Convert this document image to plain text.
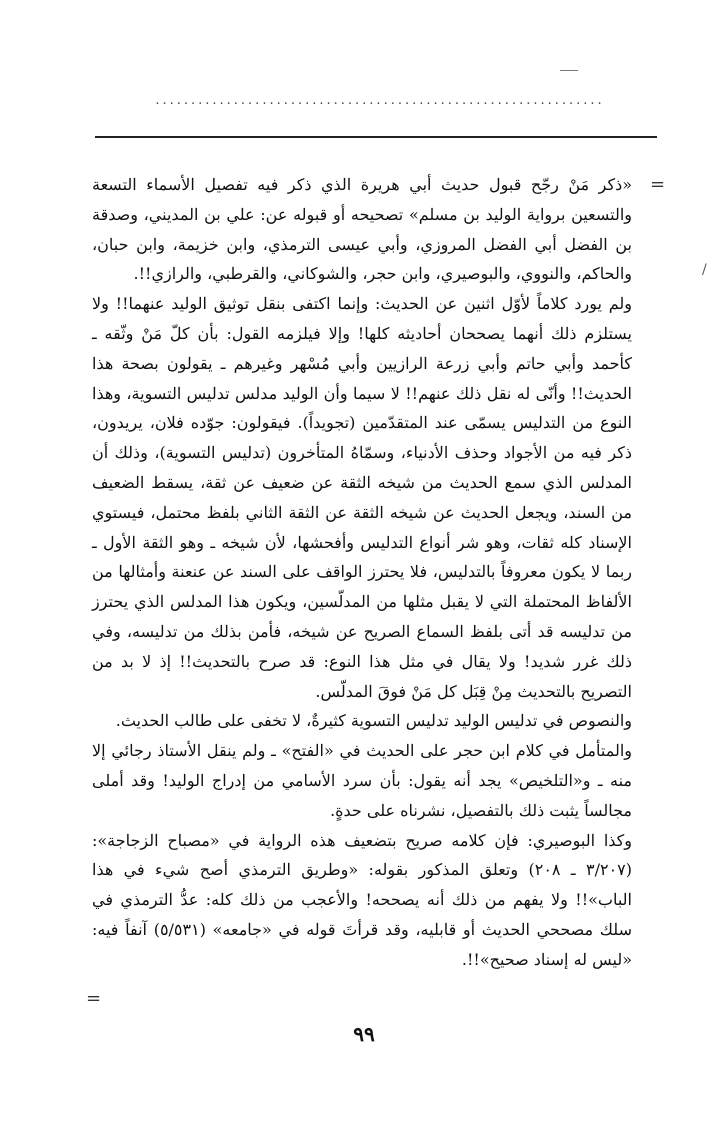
...............................................................
=
/

«ذكر مَنْ رجّح قبول حديث أبي هريرة الذي ذكر فيه تفصيل الأسماء التسعة والتسعين برواية الوليد بن مسلم» تصحيحه أو قبوله عن: علي بن المديني، وصدقة بن الفضل أبي الفضل المروزي، وأبي عيسى الترمذي، وابن خزيمة، وابن حبان، والحاكم، والنووي، والبوصيري، وابن حجر، والشوكاني، والقرطبي، والرازي!!.

ولم يورد كلاماً لأوّل اثنين عن الحديث: وإنما اكتفى بنقل توثيق الوليد عنهما!! ولا يستلزم ذلك أنهما يصححان أحاديثه كلها! وإلا فيلزمه القول: بأن كلّ مَنْ وثّقه ـ كأحمد وأبي حاتم وأبي زرعة الرازيين وأبي مُسْهر وغيرهم ـ يقولون بصحة هذا الحديث!! وأنّى له نقل ذلك عنهم!! لا سيما وأن الوليد مدلس تدليس التسوية، وهذا النوع من التدليس يسمّى عند المتقدّمين (تجويداً). فيقولون: جوّده فلان، يريدون، ذكر فيه من الأجواد وحذف الأدنياء، وسمّاهُ المتأخرون (تدليس التسوية)، وذلك أن المدلس الذي سمع الحديث من شيخه الثقة عن ضعيف عن ثقة، يسقط الضعيف من السند، ويجعل الحديث عن شيخه الثقة عن الثقة الثاني بلفظ محتمل، فيستوي الإسناد كله ثقات، وهو شر أنواع التدليس وأفحشها، لأن شيخه ـ وهو الثقة الأول ـ ربما لا يكون معروفاً بالتدليس، فلا يحترز الواقف على السند عن عنعنة وأمثالها من الألفاظ المحتملة التي لا يقبل مثلها من المدلّسين، ويكون هذا المدلس الذي يحترز من تدليسه قد أتى بلفظ السماع الصريح عن شيخه، فأمن بذلك من تدليسه، وفي ذلك غرر شديد! ولا يقال في مثل هذا النوع: قد صرح بالتحديث!! إذ لا بد من التصريح بالتحديث مِنْ قِبَل كل مَنْ فوقَ المدلّس.

والنصوص في تدليس الوليد تدليس التسوية كثيرةٌ، لا تخفى على طالب الحديث.

والمتأمل في كلام ابن حجر على الحديث في «الفتح» ـ ولم ينقل الأستاذ رجائي إلا منه ـ و«التلخيص» يجد أنه يقول: بأن سرد الأسامي من إدراج الوليد! وقد أملى مجالساً يثبت ذلك بالتفصيل، نشرناه على حدةٍ.

وكذا البوصيري: فإن كلامه صريح بتضعيف هذه الرواية في «مصباح الزجاجة»: (٣/٢٠٧ ـ ٢٠٨) وتعلق المذكور بقوله: «وطريق الترمذي أصح شيء في هذا الباب»!! ولا يفهم من ذلك أنه يصححه! والأعجب من ذلك كله: عدُّ الترمذي في سلك مصححي الحديث أو قابليه، وقد قرأتَ قوله في «جامعه» (٥/٥٣١) آنفاً فيه: «ليس له إسناد صحيح»!!.

=
٩٩
